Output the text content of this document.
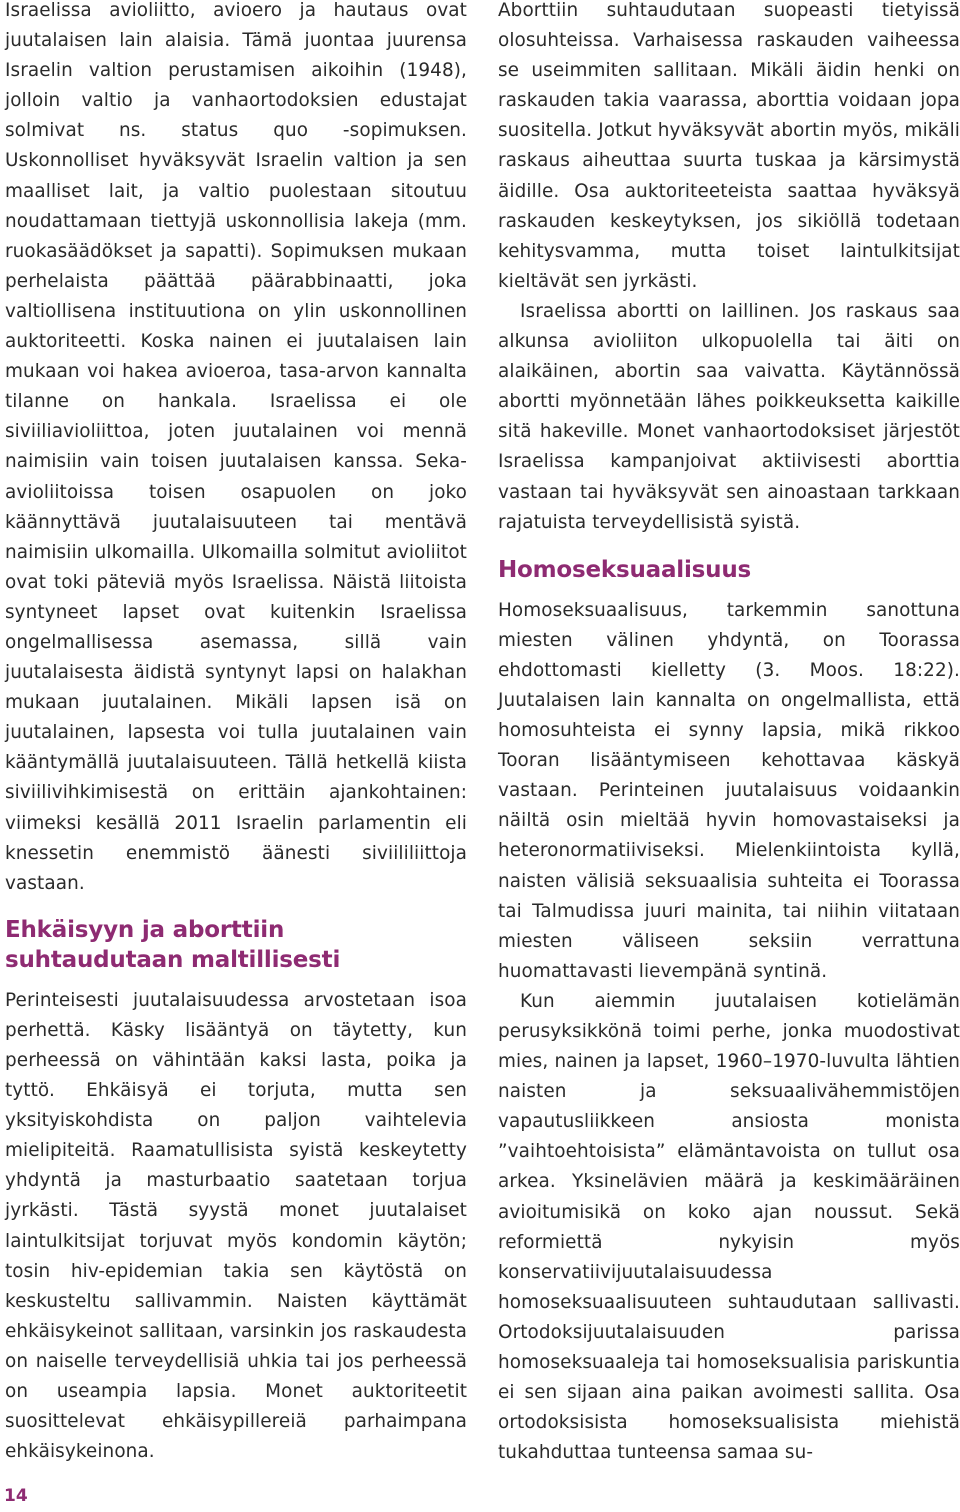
Israelissa avioliitto, avioero ja hautaus ovat juutalaisen lain alaisia. Tämä juontaa juurensa Israelin valtion perustamisen aikoihin (1948), jolloin valtio ja vanhaortodoksien edustajat solmivat ns. status quo -sopimuksen. Uskonnolliset hyväksyvät Israelin valtion ja sen maalliset lait, ja valtio puolestaan sitoutuu noudattamaan tiettyjä uskonnollisia lakeja (mm. ruokasäädökset ja sapatti). Sopimuksen mukaan perhelaista päättää päärabbinaatti, joka valtiollisena instituutiona on ylin uskonnollinen auktoriteetti. Koska nainen ei juutalaisen lain mukaan voi hakea avioeroa, tasa-arvon kannalta tilanne on hankala. Israelissa ei ole siviiliavioliittoa, joten juutalainen voi mennä naimisiin vain toisen juutalaisen kanssa. Seka-avioliitoissa toisen osapuolen on joko käännyttävä juutalaisuuteen tai mentävä naimisiin ulkomailla. Ulkomailla solmitut avioliitot ovat toki päteviä myös Israelissa. Näistä liitoista syntyneet lapset ovat kuitenkin Israelissa ongelmallisessa asemassa, sillä vain juutalaisesta äidistä syntynyt lapsi on halakhan mukaan juutalainen. Mikäli lapsen isä on juutalainen, lapsesta voi tulla juutalainen vain kääntymällä juutalaisuuteen. Tällä hetkellä kiista siviilivihkimisestä on erittäin ajankohtainen: viimeksi kesällä 2011 Israelin parlamentin eli knessetin enemmistö äänesti siviililiittoja vastaan.

Ehkäisyyn ja aborttiin suhtaudutaan maltillisesti

Perinteisesti juutalaisuudessa arvostetaan isoa perhettä. Käsky lisääntyä on täytetty, kun perheessä on vähintään kaksi lasta, poika ja tyttö. Ehkäisyä ei torjuta, mutta sen yksityiskohdista on paljon vaihtelevia mielipiteitä. Raamatullisista syistä keskeytetty yhdyntä ja masturbaatio saatetaan torjua jyrkästi. Tästä syystä monet juutalaiset laintulkitsijat torjuvat myös kondomin käytön; tosin hiv-epidemian takia sen käytöstä on keskusteltu sallivammin. Naisten käyttämät ehkäisykeinot sallitaan, varsinkin jos raskaudesta on naiselle terveydellisiä uhkia tai jos perheessä on useampia lapsia. Monet auktoriteetit suosittelevat ehkäisypillereiä parhaimpana ehkäisykeinona.

Aborttiin suhtaudutaan suopeasti tietyissä olosuhteissa. Varhaisessa raskauden vaiheessa se useimmiten sallitaan. Mikäli äidin henki on raskauden takia vaarassa, aborttia voidaan jopa suositella. Jotkut hyväksyvät abortin myös, mikäli raskaus aiheuttaa suurta tuskaa ja kärsimystä äidille. Osa auktoriteeteista saattaa hyväksyä raskauden keskeytyksen, jos sikiöllä todetaan kehitysvamma, mutta toiset laintulkitsijat kieltävät sen jyrkästi.

Israelissa abortti on laillinen. Jos raskaus saa alkunsa avioliiton ulkopuolella tai äiti on alaikäinen, abortin saa vaivatta. Käytännössä abortti myönnetään lähes poikkeuksetta kaikille sitä hakeville. Monet vanhaortodoksiset järjestöt Israelissa kampanjoivat aktiivisesti aborttia vastaan tai hyväksyvät sen ainoastaan tarkkaan rajatuista terveydellisistä syistä.

Homoseksuaalisuus

Homoseksuaalisuus, tarkemmin sanottuna miesten välinen yhdyntä, on Toorassa ehdottomasti kielletty (3. Moos. 18:22). Juutalaisen lain kannalta on ongelmallista, että homosuhteista ei synny lapsia, mikä rikkoo Tooran lisääntymiseen kehottavaa käskyä vastaan. Perinteinen juutalaisuus voidaankin näiltä osin mieltää hyvin homovastaiseksi ja heteronormatiiviseksi. Mielenkiintoista kyllä, naisten välisiä seksuaalisia suhteita ei Toorassa tai Talmudissa juuri mainita, tai niihin viitataan miesten väliseen seksiin verrattuna huomattavasti lievempänä syntinä.

Kun aiemmin juutalaisen kotielämän perusyksikkönä toimi perhe, jonka muodostivat mies, nainen ja lapset, 1960–1970-luvulta lähtien naisten ja seksuaalivähemmistöjen vapautusliikkeen ansiosta monista ”vaihtoehtoisista” elämäntavoista on tullut osa arkea. Yksinelävien määrä ja keskimääräinen avioitumisikä on koko ajan noussut. Sekä reformiettä nykyisin myös konservatiivijuutalaisuudessa homoseksuaalisuuteen suhtaudutaan sallivasti. Ortodoksijuutalaisuuden parissa homoseksuaaleja tai homoseksualisia pariskuntia ei sen sijaan aina paikan avoimesti sallita. Osa ortodoksisista homoseksualisista miehistä tukahduttaa tunteensa samaa su-

14
